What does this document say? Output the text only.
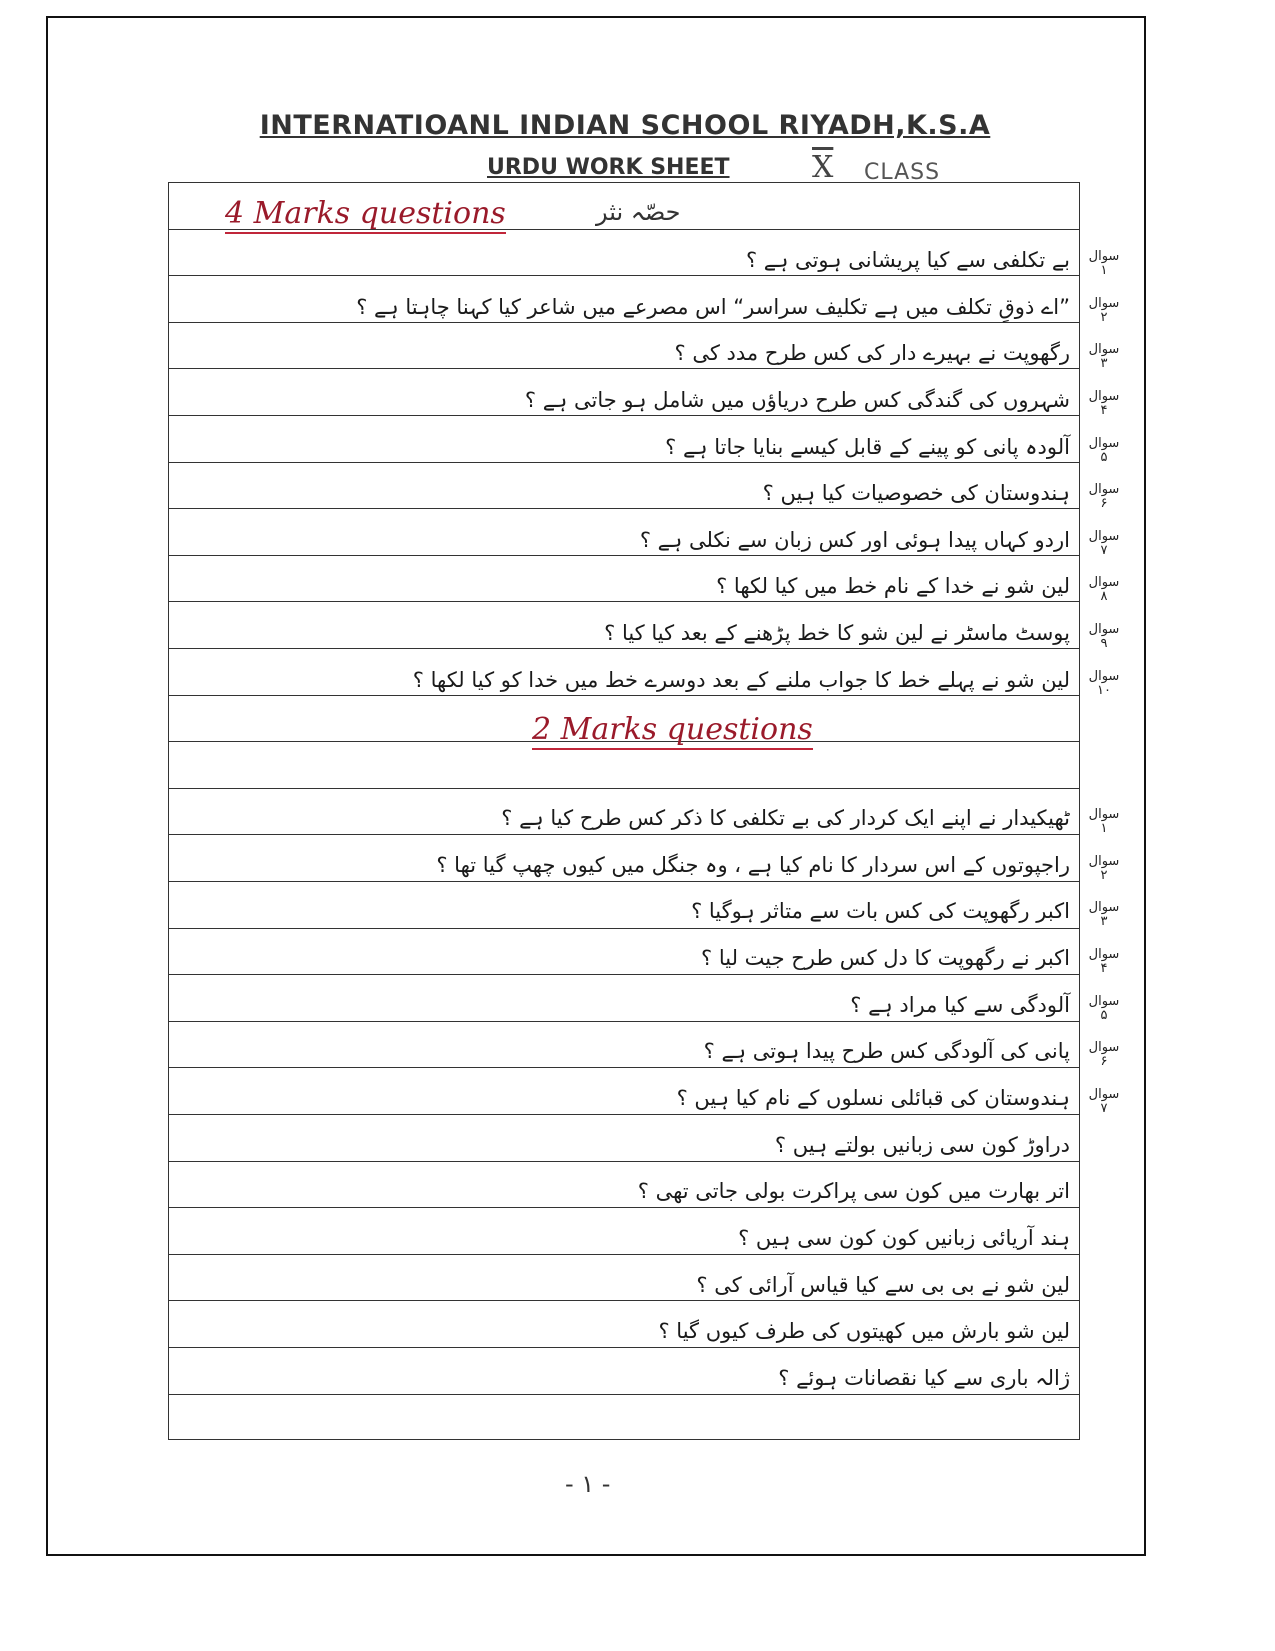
INTERNATIOANL INDIAN SCHOOL RIYADH,K.S.A
URDU WORK SHEET	$\overline{X}$ CLASS
4 Marks questions	حصّہ نثر
بے تکلفی سے کیا پریشانی ہوتی ہے ؟	سوال ۱
”اے ذوقِ تکلف میں ہے تکلیف سراسر“ اس مصرعے میں شاعر کیا کہنا چاہتا ہے ؟	سوال ۲
رگھوپت نے بہیرے دار کی کس طرح مدد کی ؟	سوال ۳
شہروں کی گندگی کس طرح دریاؤں میں شامل ہو جاتی ہے ؟	سوال ۴
آلودہ پانی کو پینے کے قابل کیسے بنایا جاتا ہے ؟	سوال ۵
ہندوستان کی خصوصیات کیا ہیں ؟	سوال ۶
اردو کہاں پیدا ہوئی اور کس زبان سے نکلی ہے ؟	سوال ۷
لین شو نے خدا کے نام خط میں کیا لکھا ؟	سوال ۸
پوسٹ ماسٹر نے لین شو کا خط پڑھنے کے بعد کیا کیا ؟	سوال ۹
لین شو نے پہلے خط کا جواب ملنے کے بعد دوسرے خط میں خدا کو کیا لکھا ؟	سوال ۱۰
2 Marks questions
ٹھیکیدار نے اپنے ایک کردار کی بے تکلفی کا ذکر کس طرح کیا ہے ؟	سوال ۱
راجپوتوں کے اس سردار کا نام کیا ہے ، وہ جنگل میں کیوں چھپ گیا تھا ؟	سوال ۲
اکبر رگھوپت کی کس بات سے متاثر ہوگیا ؟	سوال ۳
اکبر نے رگھوپت کا دل کس طرح جیت لیا ؟	سوال ۴
آلودگی سے کیا مراد ہے ؟	سوال ۵
پانی کی آلودگی کس طرح پیدا ہوتی ہے ؟	سوال ۶
ہندوستان کی قبائلی نسلوں کے نام کیا ہیں ؟	سوال ۷
دراوڑ کون سی زبانیں بولتے ہیں ؟
اتر بھارت میں کون سی پراکرت بولی جاتی تھی ؟
ہند آریائی زبانیں کون کون سی ہیں ؟
لین شو نے بی بی سے کیا قیاس آرائی کی ؟
لین شو بارش میں کھیتوں کی طرف کیوں گیا ؟
ژالہ باری سے کیا نقصانات ہوئے ؟
- ۱ -
